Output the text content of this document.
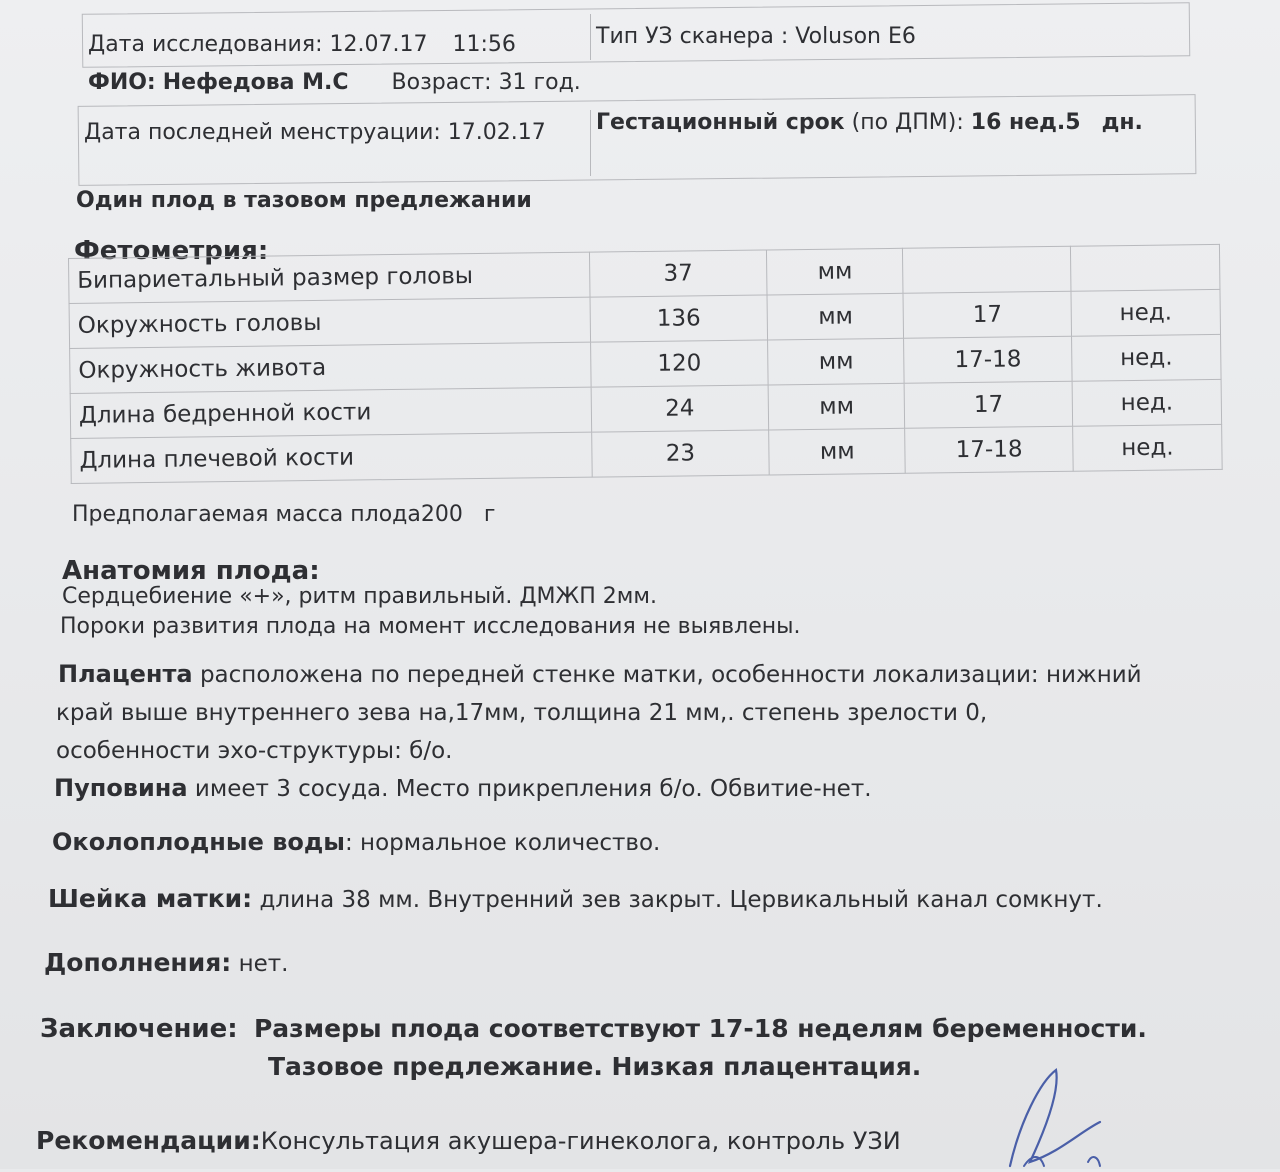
Дата исследования: 12.07.17 11:56	Тип УЗ сканера : Voluson E6
ФИО: Нефедова М.С Возраст: 31 год.
Дата последней менструации: 17.02.17 Гестационный срок (по ДПМ): 16 нед.5 дн.
Один плод в тазовом предлежании
Фетометрия:
Бипариетальный размер головы	37	мм		
Окружность головы	136	мм	17	нед.
Окружность живота	120	мм	17-18	нед.
Длина бедренной кости	24	мм	17	нед.
Длина плечевой кости	23	мм	17-18	нед.
Предполагаемая масса плода200 г
Анатомия плода:
Сердцебиение «+», ритм правильный. ДМЖП 2мм.
Пороки развития плода на момент исследования не выявлены.
Плацента расположена по передней стенке матки, особенности локализации: нижний
край выше внутреннего зева на,17мм, толщина 21 мм,. степень зрелости 0,
особенности эхо-структуры: б/о.
Пуповина имеет 3 сосуда. Место прикрепления б/о. Обвитие-нет.
Околоплодные воды: нормальное количество.
Шейка матки: длина 38 мм. Внутренний зев закрыт. Цервикальный канал сомкнут.
Дополнения: нет.
Заключение: Размеры плода соответствуют 17-18 неделям беременности.
Тазовое предлежание. Низкая плацентация.
Рекомендации:Консультация акушера-гинеколога, контроль УЗИ
